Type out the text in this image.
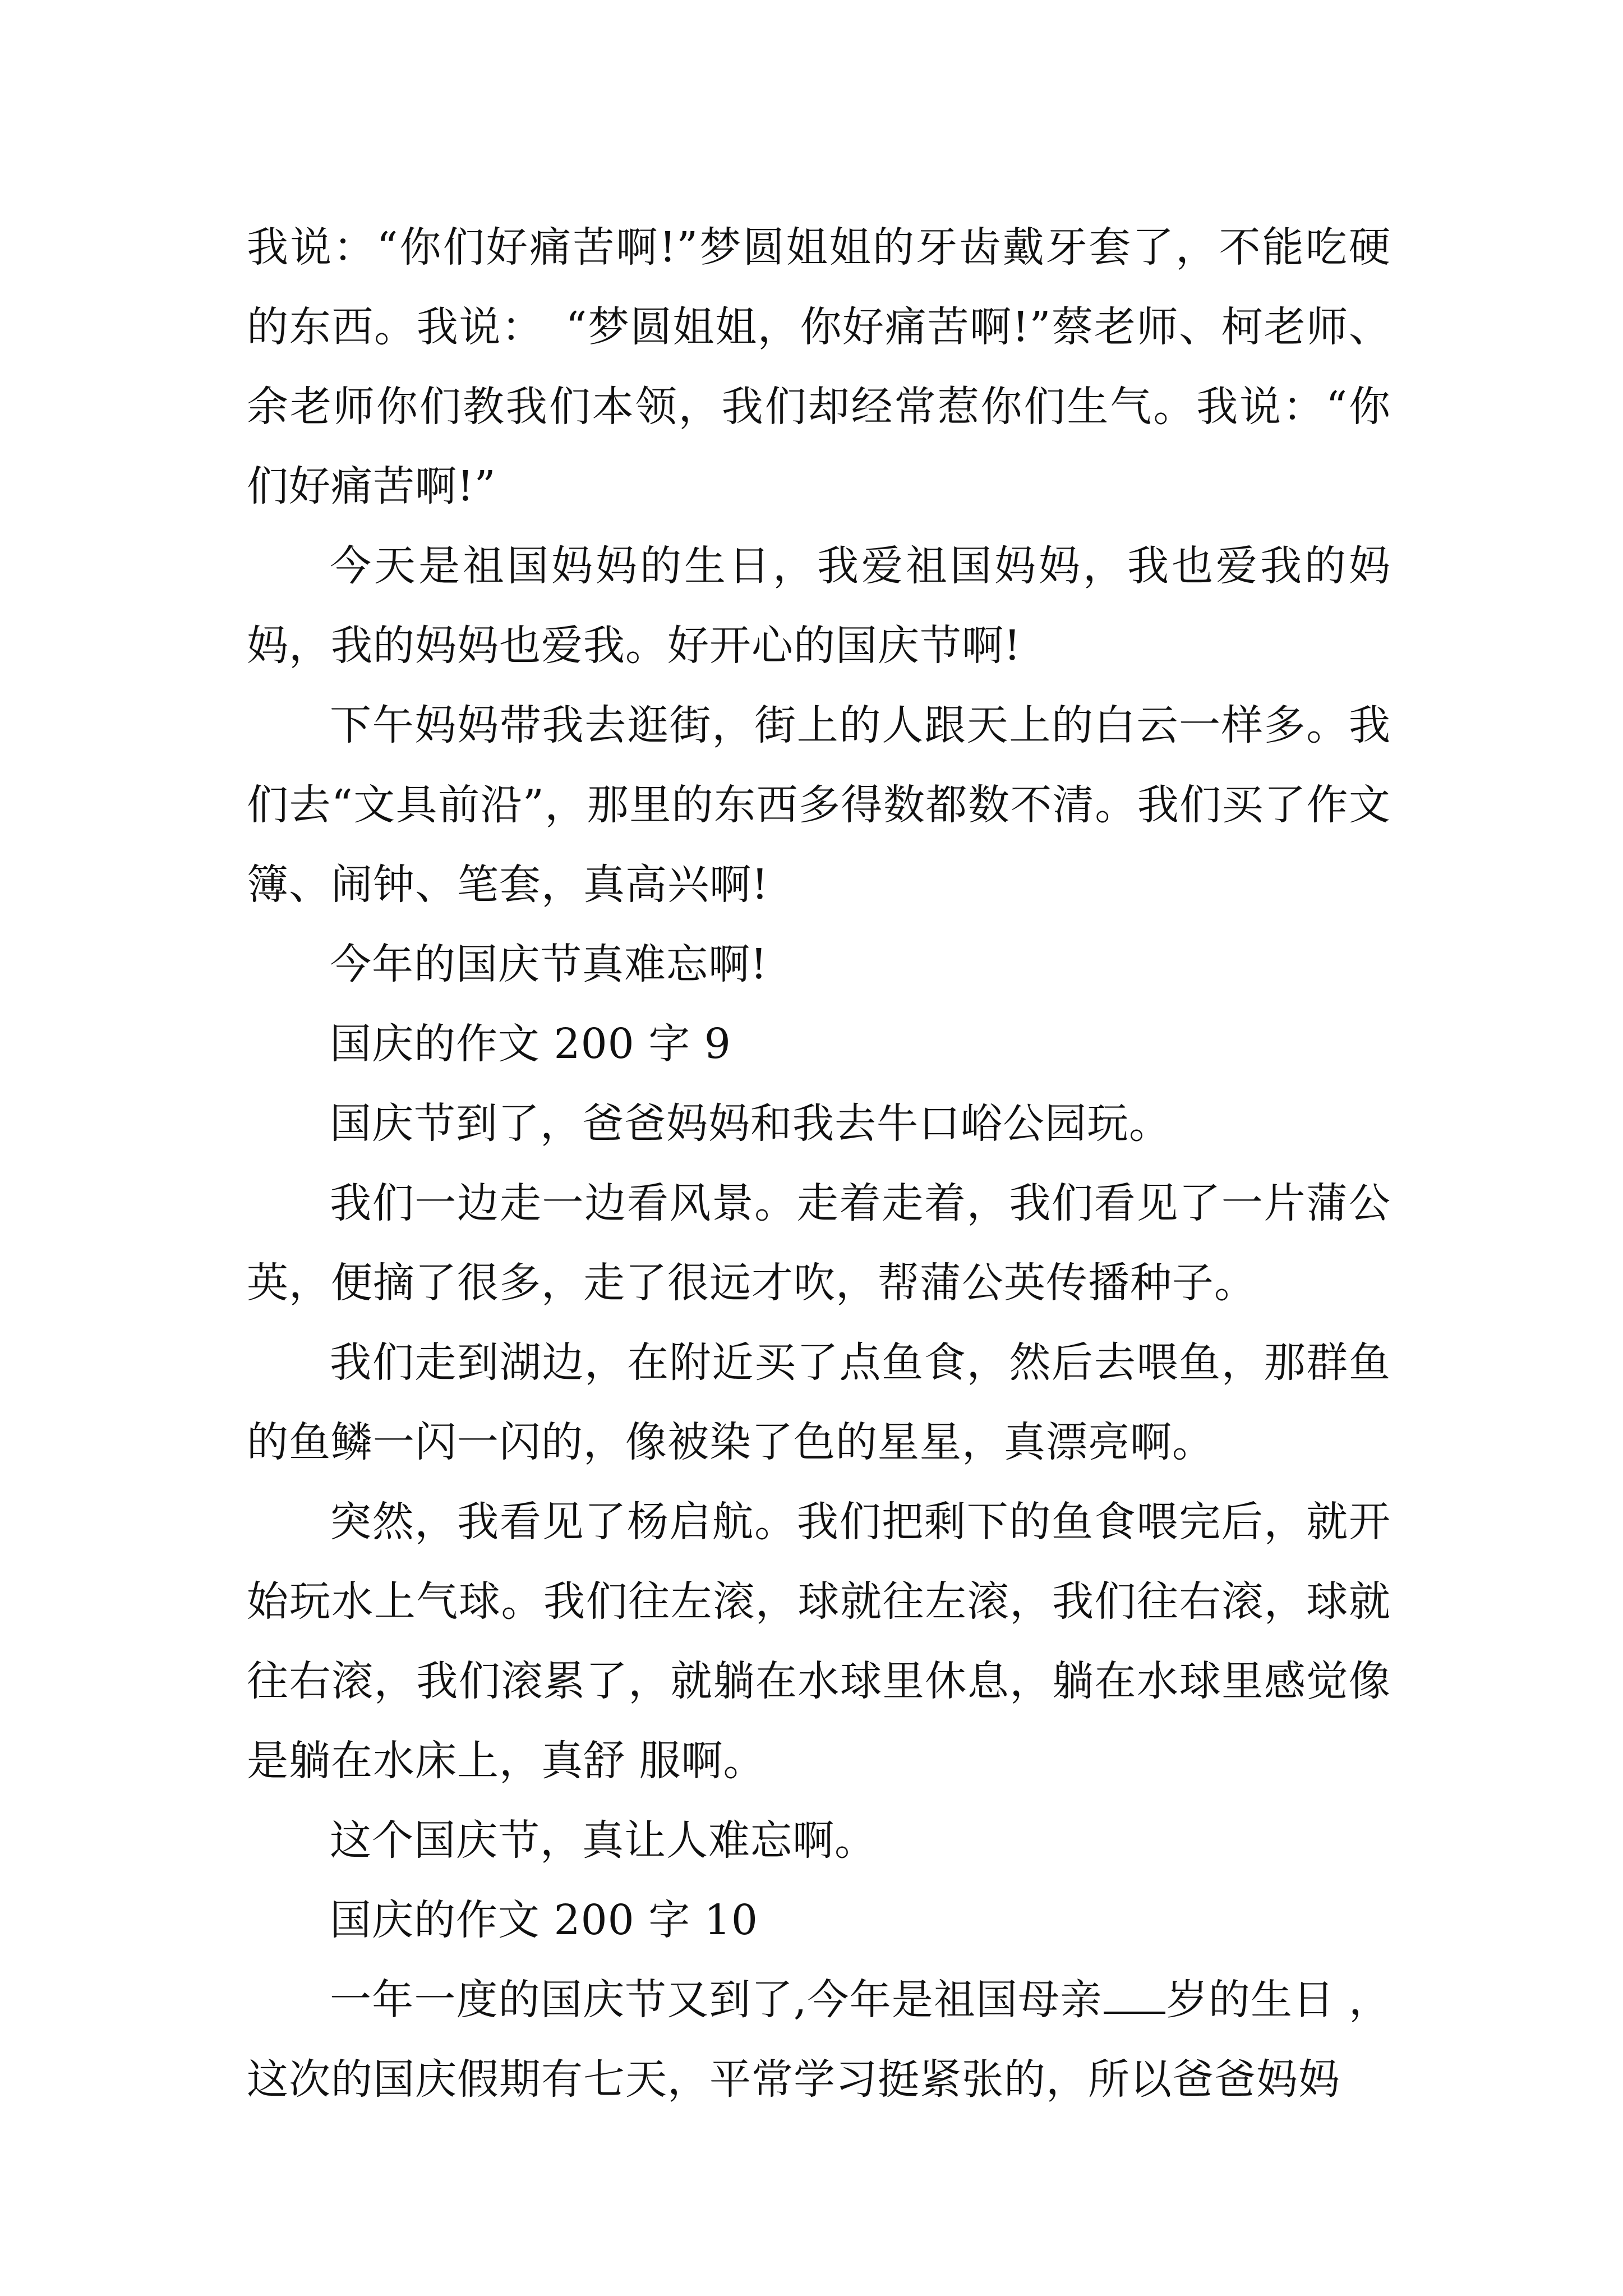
我说：“你们好痛苦啊!”梦圆姐姐的牙齿戴牙套了，不能吃硬的东西。我说：　“梦圆姐姐，你好痛苦啊!”蔡老师、柯老师、余老师你们教我们本领，我们却经常惹你们生气。我说：“你们好痛苦啊!”

今天是祖国妈妈的生日，我爱祖国妈妈，我也爱我的妈妈，我的妈妈也爱我。好开心的国庆节啊!

下午妈妈带我去逛街，街上的人跟天上的白云一样多。我们去“文具前沿”，那里的东西多得数都数不清。我们买了作文簿、闹钟、笔套，真高兴啊!

今年的国庆节真难忘啊!

国庆的作文 200 字 9

国庆节到了，爸爸妈妈和我去牛口峪公园玩。

我们一边走一边看风景。走着走着，我们看见了一片蒲公英，便摘了很多，走了很远才吹，帮蒲公英传播种子。

我们走到湖边，在附近买了点鱼食，然后去喂鱼，那群鱼的鱼鳞一闪一闪的，像被染了色的星星，真漂亮啊。

突然，我看见了杨启航。我们把剩下的鱼食喂完后，就开始玩水上气球。我们往左滚，球就往左滚，我们往右滚，球就往右滚，我们滚累了，就躺在水球里休息，躺在水球里感觉像是躺在水床上，真舒 服啊。

这个国庆节，真让人难忘啊。

国庆的作文 200 字 10

一年一度的国庆节又到了,今年是祖国母亲 岁的生日 ，这次的国庆假期有七天，平常学习挺紧张的，所以爸爸妈妈
